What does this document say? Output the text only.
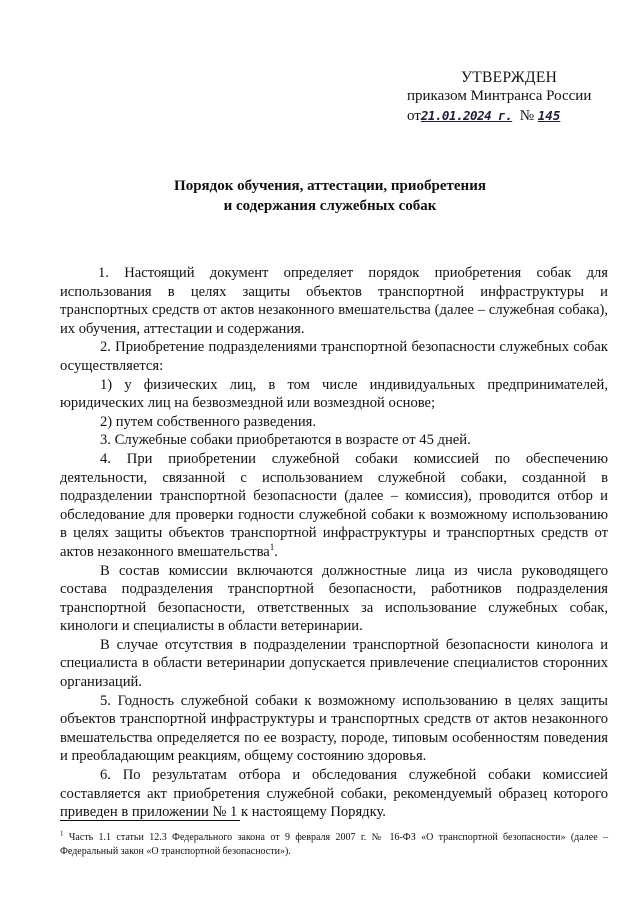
УТВЕРЖДЕН
приказом Минтранса России
от21.01.2024 г. № 145
Порядок обучения, аттестации, приобретения
и содержания служебных собак

1. Настоящий документ определяет порядок приобретения собак для использования в целях защиты объектов транспортной инфраструктуры и транспортных средств от актов незаконного вмешательства (далее – служебная собака), их обучения, аттестации и содержания.

2. Приобретение подразделениями транспортной безопасности служебных собак осуществляется:

1) у физических лиц, в том числе индивидуальных предпринимателей, юридических лиц на безвозмездной или возмездной основе;

2) путем собственного разведения.

3. Служебные собаки приобретаются в возрасте от 45 дней.

4. При приобретении служебной собаки комиссией по обеспечению деятельности, связанной с использованием служебной собаки, созданной в подразделении транспортной безопасности (далее – комиссия), проводится отбор и обследование для проверки годности служебной собаки к возможному использованию в целях защиты объектов транспортной инфраструктуры и транспортных средств от актов незаконного вмешательства$^1$.

В состав комиссии включаются должностные лица из числа руководящего состава подразделения транспортной безопасности, работников подразделения транспортной безопасности, ответственных за использование служебных собак, кинологи и специалисты в области ветеринарии.

В случае отсутствия в подразделении транспортной безопасности кинолога и специалиста в области ветеринарии допускается привлечение специалистов сторонних организаций.

5. Годность служебной собаки к возможному использованию в целях защиты объектов транспортной инфраструктуры и транспортных средств от актов незаконного вмешательства определяется по ее возрасту, породе, типовым особенностям поведения и преобладающим реакциям, общему состоянию здоровья.

6. По результатам отбора и обследования служебной собаки комиссией составляется акт приобретения служебной собаки, рекомендуемый образец которого приведен в приложении № 1 к настоящему Порядку.

$^1$ Часть 1.1 статьи 12.3 Федерального закона от 9 февраля 2007 г. № 16-ФЗ «О транспортной безопасности» (далее – Федеральный закон «О транспортной безопасности»).
